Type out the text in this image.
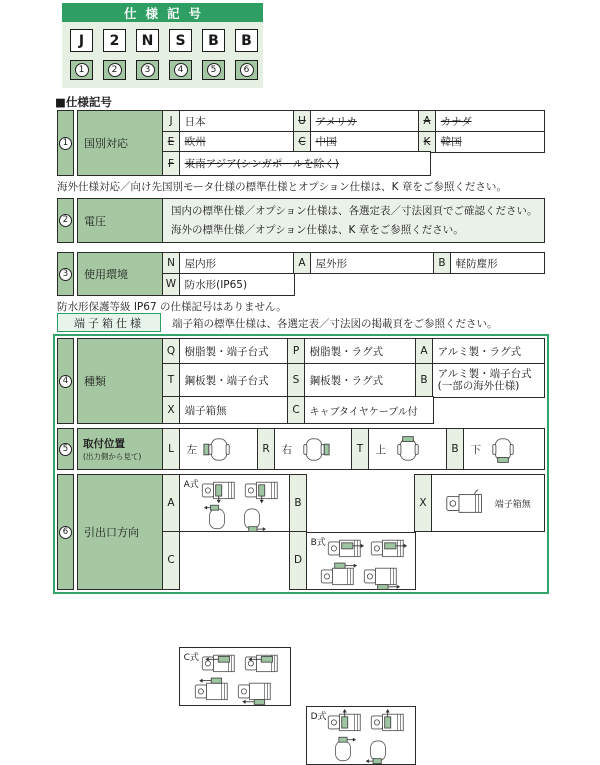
仕様記号
J	2	N	S	B	B
1	2	3	4	5	6
■仕様記号
1	国別対応
J	日本	U アメリカ	A カナダ
E 欧州	C 中国	K 韓国
F	東南アジア(シンガポールを除く)
海外仕様対応／向け先国別モータ仕様の標準仕様とオプション仕様は、K 章をご参照ください。
2	電圧
国内の標準仕様／オプション仕様は、各選定表／寸法図頁でご確認ください。
海外の標準仕様／オプション仕様は、K 章をご参照ください。
3	使用環境
N 屋内形	A 屋外形	B 軽防塵形
W 防水形(IP65)
防水形保護等級 IP67 の仕様記号はありません。
端子箱仕様	端子箱の標準仕様は、各選定表／寸法図の掲載頁をご参照ください。
4	種類
Q 樹脂製・端子台式	P 樹脂製・ラグ式	A アルミ製・ラグ式
T 鋼板製・端子台式	S 鋼板製・ラグ式	B
アルミ製・端子台式
(一部の海外仕様)
X 端子箱無	C キャブタイヤケーブル付
5	取付位置
(出力側から見て)
L	左	R	右	T	上	B	下
6	引出口方向
A
A式
B
B式
X	端子箱無
C
C式
D
D式
